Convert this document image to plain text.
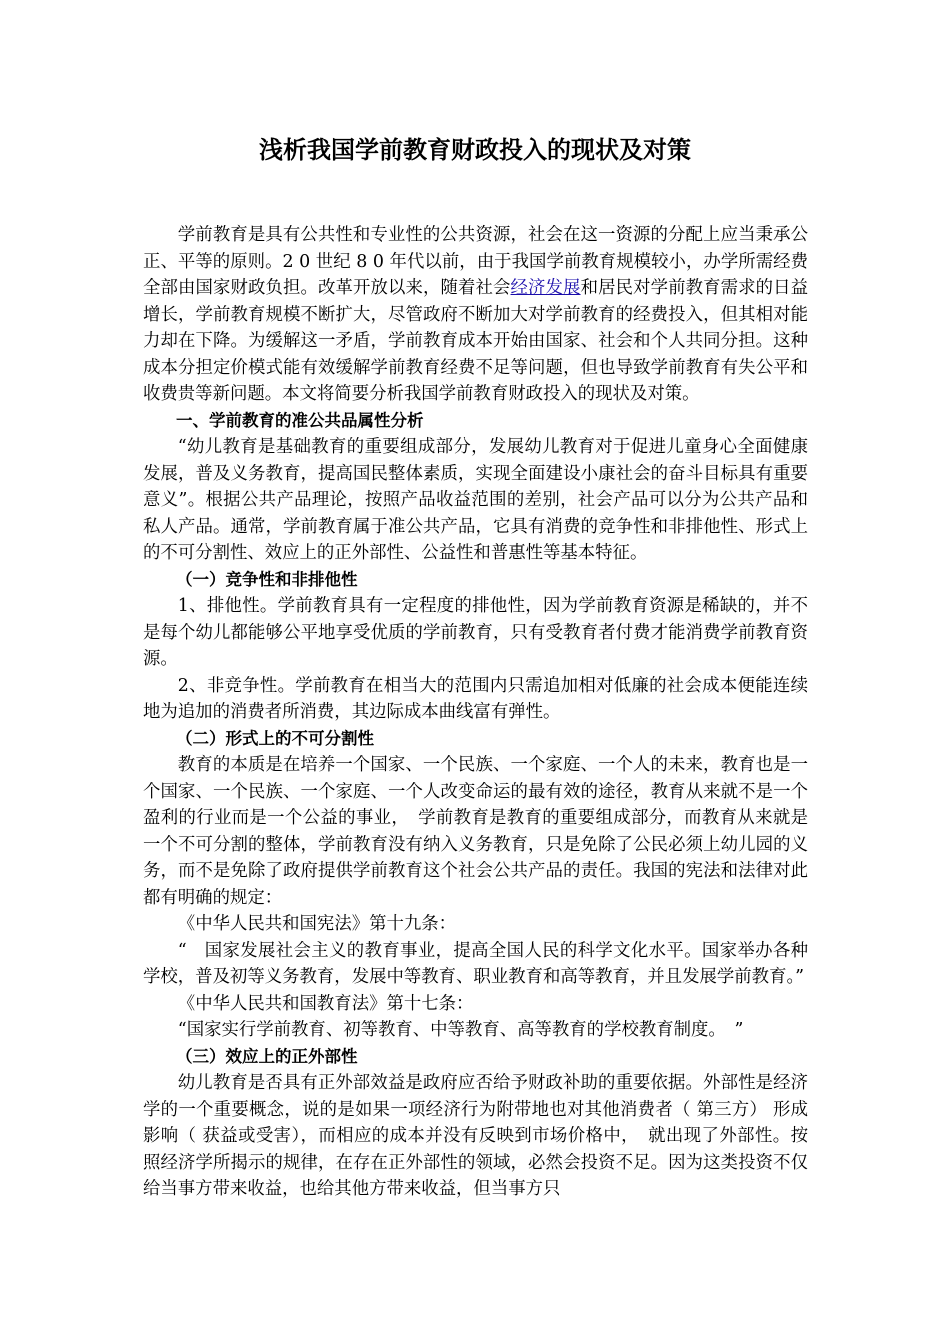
浅析我国学前教育财政投入的现状及对策

学前教育是具有公共性和专业性的公共资源，社会在这一资源的分配上应当秉承公正、平等的原则。2 0 世纪 8 0 年代以前，由于我国学前教育规模较小，办学所需经费全部由国家财政负担。改革开放以来，随着社会经济发展和居民对学前教育需求的日益增长，学前教育规模不断扩大，尽管政府不断加大对学前教育的经费投入，但其相对能力却在下降。为缓解这一矛盾，学前教育成本开始由国家、社会和个人共同分担。这种成本分担定价模式能有效缓解学前教育经费不足等问题，但也导致学前教育有失公平和收费贵等新问题。本文将简要分析我国学前教育财政投入的现状及对策。

一、学前教育的准公共品属性分析

“幼儿教育是基础教育的重要组成部分，发展幼儿教育对于促进儿童身心全面健康发展，普及义务教育，提高国民整体素质，实现全面建设小康社会的奋斗目标具有重要意义”。根据公共产品理论，按照产品收益范围的差别，社会产品可以分为公共产品和私人产品。通常，学前教育属于准公共产品，它具有消费的竞争性和非排他性、形式上的不可分割性、效应上的正外部性、公益性和普惠性等基本特征。

（一）竞争性和非排他性

1、排他性。学前教育具有一定程度的排他性，因为学前教育资源是稀缺的，并不是每个幼儿都能够公平地享受优质的学前教育，只有受教育者付费才能消费学前教育资源。

2、非竞争性。学前教育在相当大的范围内只需追加相对低廉的社会成本便能连续地为追加的消费者所消费，其边际成本曲线富有弹性。

（二）形式上的不可分割性

教育的本质是在培养一个国家、一个民族、一个家庭、一个人的未来，教育也是一个国家、一个民族、一个家庭、一个人改变命运的最有效的途径，教育从来就不是一个盈利的行业而是一个公益的事业，　学前教育是教育的重要组成部分，而教育从来就是一个不可分割的整体，学前教育没有纳入义务教育，只是免除了公民必须上幼儿园的义务，而不是免除了政府提供学前教育这个社会公共产品的责任。我国的宪法和法律对此都有明确的规定：

《中华人民共和国宪法》第十九条：

“　国家发展社会主义的教育事业，提高全国人民的科学文化水平。国家举办各种学校，普及初等义务教育，发展中等教育、职业教育和高等教育，并且发展学前教育。”

《中华人民共和国教育法》第十七条：

“国家实行学前教育、初等教育、中等教育、高等教育的学校教育制度。　”

（三）效应上的正外部性

幼儿教育是否具有正外部效益是政府应否给予财政补助的重要依据。外部性是经济学的一个重要概念，说的是如果一项经济行为附带地也对其他消费者（ 第三方） 形成影响（ 获益或受害），而相应的成本并没有反映到市场价格中，　就出现了外部性。按照经济学所揭示的规律，在存在正外部性的领域，必然会投资不足。因为这类投资不仅给当事方带来收益，也给其他方带来收益，但当事方只
